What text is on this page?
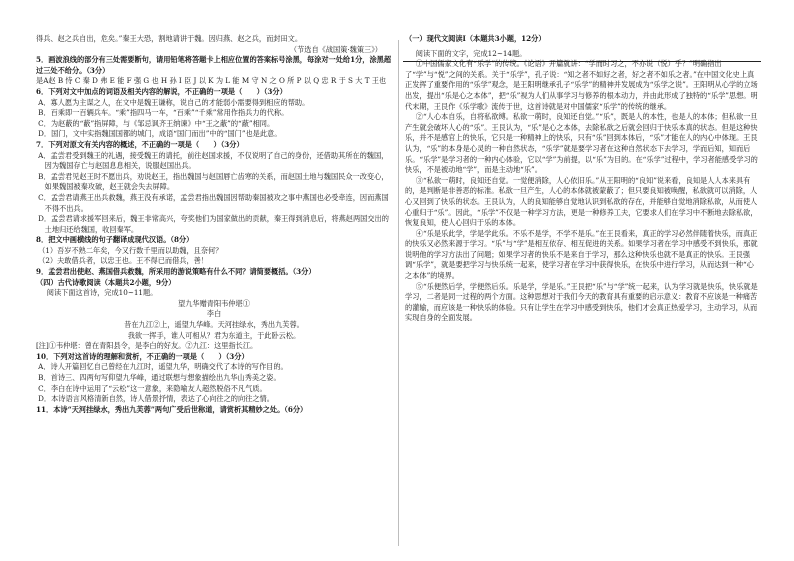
得兵、赵之兵自出，危矣。”秦王大恐，割地请讲于魏。因归燕、赵之兵，而封田文。

（节选自《战国策·魏策三》）

5．画波浪线的部分有三处需要断句，请用铅笔将答题卡上相应位置的答案标号涂黑，每涂对一处给1分，涂黑超过三处不给分。（3分）

是A赵 B 恃 C 秦 D 弗 E 能 F 强 G 也 H 孙 I 臣 J 以 K 为 L 能 M 守 N 之 O 所 P 以 Q 忠 R 于 S 大 T 王也

6．下列对文中加点的词语及相关内容的解说，不正确的一项是（　　）（3分）

A．寡人愿为主谋之人，在文中是魏王谦称，说自己的才能弱小需要得到相应的帮助。

B．百乘即一百辆兵车。“乘”指四马一车，“百乘”“千乘”常用作指兵力的代称。

C．为赵蔽的“蔽”指屏障，与《邹忌讽齐王纳谏》中“王之蔽”的“蔽”相同。

D．国门，文中实指魏国国都的城门，成语“国门而出”中的“国门”也是此意。

7．下列对原文有关内容的概述，不正确的一项是（　　）（3分）

A．孟尝君受到魏王的礼遇，接受魏王的请托，前往赵国求援，不仅说明了自己的身份，还借助其所在的魏国，因为魏国存亡与赵国息息相关，说服赵国出兵。

B．孟尝君见赵王时不愿出兵，劝说赵王，指出魏国与赵国唇亡齿寒的关系，而赵国土地与魏国民众一改变心，如果魏国被秦攻破，赵王就会失去屏障。

C．孟尝君请燕王出兵救魏，燕王没有承诺，孟尝君指出魏国因帮助秦国被攻之事中燕国也必受牵连，因而燕国不得不出兵。

D．孟尝君请求援军回来后，魏王非常高兴，夸奖他们为国家做出的贡献，秦王得到消息后，将燕赵两国交出的土地归还给魏国，收回秦军。

8．把文中画横线的句子翻译成现代汉语。（8分）

（1）吾岁不熟二年矣，今又行数千里而以助魏，且奈何？

（2）夫敢借兵者，以忠王也。王不得已而借兵，善！

9．孟尝君出使赵、燕国借兵救魏，所采用的游说策略有什么不同？请简要概括。（3分）

（四）古代诗歌阅读（本题共2小题，9分）

阅读下面这首诗，完成10~11题。

望九华赠青阳韦仲堪①

李白

昔在九江②上，遥望九华峰。天河挂绿水，秀出九芙蓉。

我欲一挥手，谁人可相从？君为东道主，于此卧云松。

[注]①韦仲堪：曾在青阳县令，是李白的好友。②九江：这里指长江。

10．下列对这首诗的理解和赏析，不正确的一项是（　　）（3分）

A．诗人开篇回忆自己曾经在九江时，遥望九华，明确交代了本诗的写作目的。

B．首诗三、四两句写仰望九华峰，通过联想与想象描绘出九华山秀美之姿。

C．李白在诗中运用了“云松”这一意象，来隐喻友人超然脱俗不凡气质。

D．本诗语言风格清新自然，诗人借景抒情，表达了心向往之的向往之情。

11．本诗“天河挂绿水，秀出九芙蓉”两句广受后世称道，请赏析其精妙之处。（6分）

（一）现代文阅读Ⅰ（本题共3小题，12分）

阅读下面的文字，完成12~14题。

①中国儒家文化有“乐学”的传统。《论语》开篇就讲：“学而时习之，不亦说（悦）乎？”明确指出了“学”与“悦”之间的关系。关于“乐学”，孔子说：“知之者不如好之者，好之者不如乐之者。”在中国文化史上真正发挥了重要作用的“乐学”观念，是王阳明继承孔子“乐学”的精神并发展成为“乐学之说”。王阳明从心学的立场出发，提出“乐是心之本体”，把“乐”视为人们从事学习与修养的根本动力，并由此形成了独特的“乐学”思想。明代末期，王艮作《乐学歌》流传于世，这首诗就是对中国儒家“乐学”的传统的继承。

②“人心本自乐，自将私欲缚。私欲一萌时，良知还自觉。”“乐”，既是人的本性，也是人的本体；但私欲一旦产生就会破坏人心的“乐”。王艮认为，“乐”是心之本体，去除私欲之后就会回归于快乐本真的状态。但是这种快乐，并不是感官上的快乐，它只是一种精神上的快乐，只有“乐”回到本体后，“乐”才能在人的内心中体现。王艮认为，“乐”的本身是心灵的一种自然状态，“乐学”就是要学习者在这种自然状态下去学习，学而后知，知而后乐。“乐学”是学习者的一种内心体验，它以“学”为前提，以“乐”为目的。在“乐学”过程中，学习者能感受学习的快乐，不是被动地“学”，而是主动地“乐”。

③“私欲一萌时，良知还自觉。一觉便消除，人心依旧乐。”从王阳明的“良知”说来看，良知是人人本来具有的，是判断是非善恶的标准。私欲一旦产生，人心的本体就被蒙蔽了；但只要良知被唤醒，私欲就可以消除，人心又回到了快乐的状态。王艮认为，人的良知能够自觉地认识到私欲的存在，并能够自觉地消除私欲，从而使人心重归于“乐”。因此，“乐学”不仅是一种学习方法，更是一种修养工夫，它要求人们在学习中不断地去除私欲，恢复良知，使人心回归于乐的本体。

④“乐是乐此学，学是学此乐。不乐不是学，不学不是乐。”在王艮看来，真正的学习必然伴随着快乐，而真正的快乐又必然来源于学习。“乐”与“学”是相互依存、相互促进的关系。如果学习者在学习中感受不到快乐，那就说明他的学习方法出了问题；如果学习者的快乐不是来自于学习，那么这种快乐也就不是真正的快乐。王艮强调“乐学”，就是要把学习与快乐统一起来，使学习者在学习中获得快乐，在快乐中进行学习，从而达到一种“心之本体”的境界。

⑤“乐便然后学，学便然后乐。乐是学，学是乐。”王艮把“乐”与“学”统一起来，认为学习就是快乐，快乐就是学习，二者是同一过程的两个方面。这种思想对于我们今天的教育具有重要的启示意义：教育不应该是一种痛苦的灌输，而应该是一种快乐的体验。只有让学生在学习中感受到快乐，他们才会真正热爱学习，主动学习，从而实现自身的全面发展。
